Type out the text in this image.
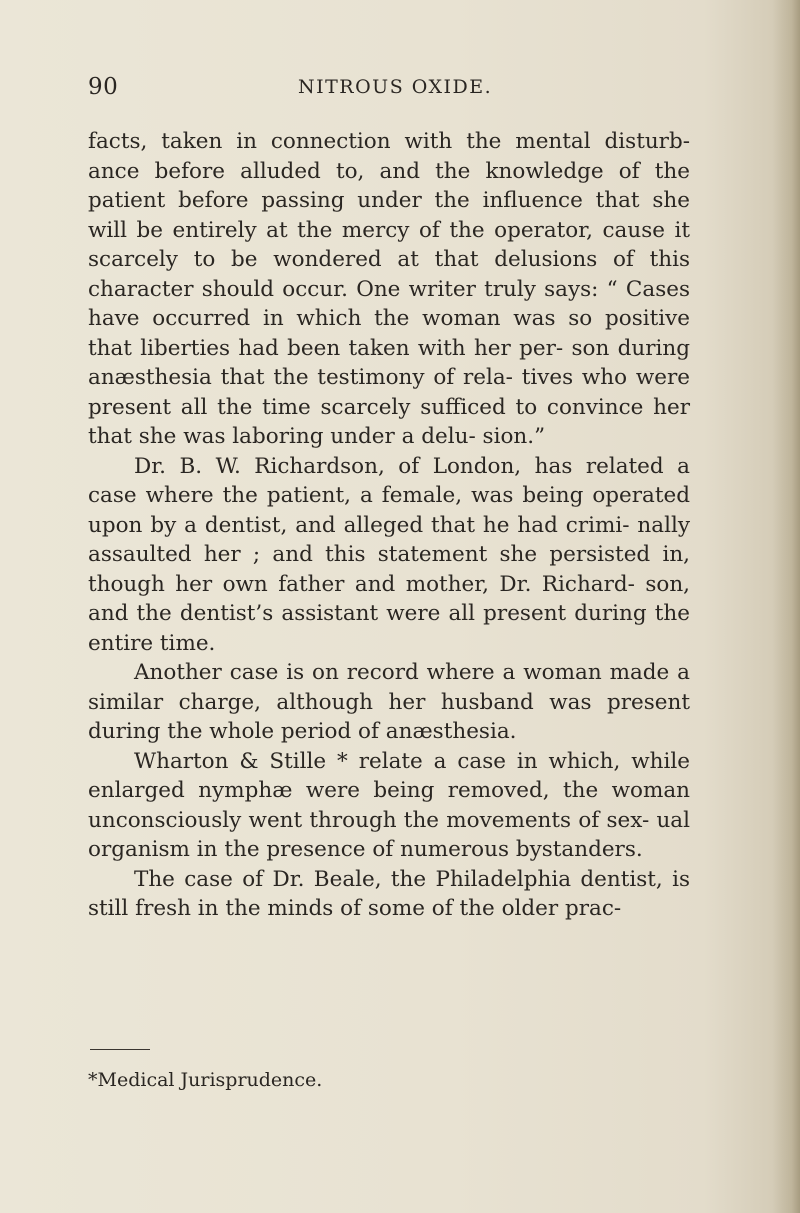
90	NITROUS OXIDE.

facts, taken in connection with the mental disturb- ance before alluded to, and the knowledge of the patient before passing under the influence that she will be entirely at the mercy of the operator, cause it scarcely to be wondered at that delusions of this character should occur. One writer truly says: “ Cases have occurred in which the woman was so positive that liberties had been taken with her per- son during anæsthesia that the testimony of rela- tives who were present all the time scarcely sufficed to convince her that she was laboring under a delu- sion.”

Dr. B. W. Richardson, of London, has related a case where the patient, a female, was being operated upon by a dentist, and alleged that he had crimi- nally assaulted her ; and this statement she persisted in, though her own father and mother, Dr. Richard- son, and the dentist’s assistant were all present during the entire time.

Another case is on record where a woman made a similar charge, although her husband was present during the whole period of anæsthesia.

Wharton & Stille * relate a case in which, while enlarged nymphæ were being removed, the woman unconsciously went through the movements of sex- ual organism in the presence of numerous bystanders.

The case of Dr. Beale, the Philadelphia dentist, is still fresh in the minds of some of the older prac-

*Medical Jurisprudence.
